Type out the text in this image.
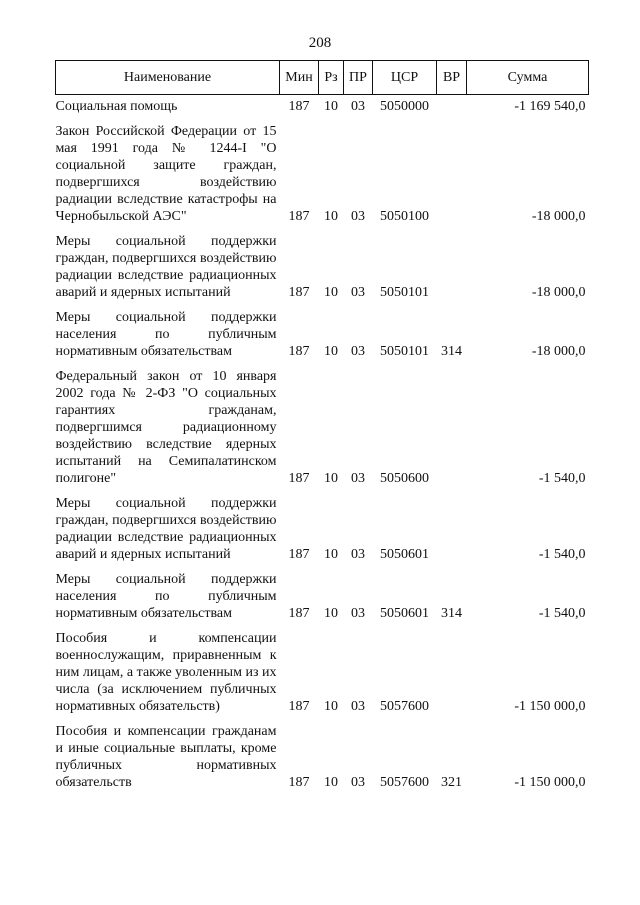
208
Наименование	Мин	Рз	ПР	ЦСР	ВР	Сумма

Социальная помощь	187	10	03	5050000		-1 169 540,0

Закон Российской Федерации от 15 мая 1991 года № 1244-I "О социальной защите граждан, подвергшихся воздействию радиации вследствие катастрофы на Чернобыльской АЭС"	187	10	03	5050100		-18 000,0

Меры социальной поддержки граждан, подвергшихся воздействию радиации вследствие радиационных аварий и ядерных испытаний	187	10	03	5050101		-18 000,0

Меры социальной поддержки населения по публичным нормативным обязательствам	187	10	03	5050101	314	-18 000,0

Федеральный закон от 10 января 2002 года № 2-ФЗ "О социальных гарантиях гражданам, подвергшимся радиационному воздействию вследствие ядерных испытаний на Семипалатинском полигоне"	187	10	03	5050600		-1 540,0

Меры социальной поддержки граждан, подвергшихся воздействию радиации вследствие радиационных аварий и ядерных испытаний	187	10	03	5050601		-1 540,0

Меры социальной поддержки населения по публичным нормативным обязательствам	187	10	03	5050601	314	-1 540,0

Пособия и компенсации военнослужащим, приравненным к ним лицам, а также уволенным из их числа (за исключением публичных нормативных обязательств)	187	10	03	5057600		-1 150 000,0

Пособия и компенсации гражданам и иные социальные выплаты, кроме публичных нормативных обязательств	187	10	03	5057600	321	-1 150 000,0
